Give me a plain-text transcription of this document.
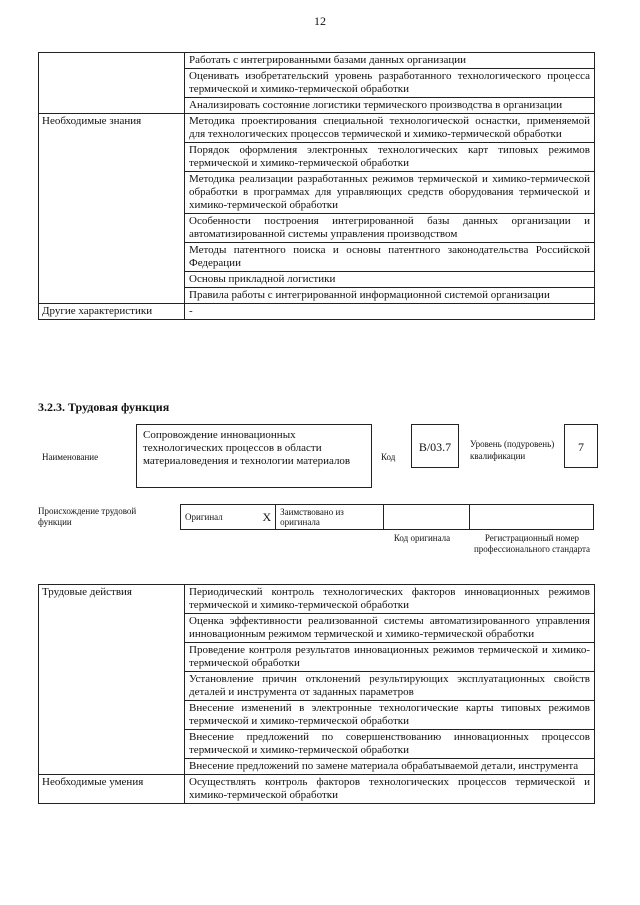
12
	Работать с интегрированными базами данных организации
	Оценивать изобретательский уровень разработанного технологического процесса термической и химико-термической обработки
	Анализировать состояние логистики термического производства в организации
Необходимые знания	Методика проектирования специальной технологической оснастки, применяемой для технологических процессов термической и химико-термической обработки
	Порядок оформления электронных технологических карт типовых режимов термической и химико-термической обработки
	Методика реализации разработанных режимов термической и химико-термической обработки в программах для управляющих средств оборудования термической и химико-термической обработки
	Особенности построения интегрированной базы данных организации и автоматизированной системы управления производством
	Методы патентного поиска и основы патентного законодательства Российской Федерации
	Основы прикладной логистики
	Правила работы с интегрированной информационной системой организации
Другие характеристики	-
3.2.3. Трудовая функция
Наименование
Сопровождение инновационных технологических процессов в области материаловедения и технологии материалов	Код
B/03.7	Уровень (подуровень) квалификации
7
Происхождение трудовой функции	Оригинал	X	Заимствовано из оригинала		
Код оригинала	Регистрационный номер профессионального стандарта
Трудовые действия	Периодический контроль технологических факторов инновационных режимов термической и химико-термической обработки
	Оценка эффективности реализованной системы автоматизированного управления инновационным режимом термической и химико-термической обработки
	Проведение контроля результатов инновационных режимов термической и химико-термической обработки
	Установление причин отклонений результирующих эксплуатационных свойств деталей и инструмента от заданных параметров
	Внесение изменений в электронные технологические карты типовых режимов термической и химико-термической обработки
	Внесение предложений по совершенствованию инновационных процессов термической и химико-термической обработки
	Внесение предложений по замене материала обрабатываемой детали, инструмента
Необходимые умения	Осуществлять контроль факторов технологических процессов термической и химико-термической обработки
